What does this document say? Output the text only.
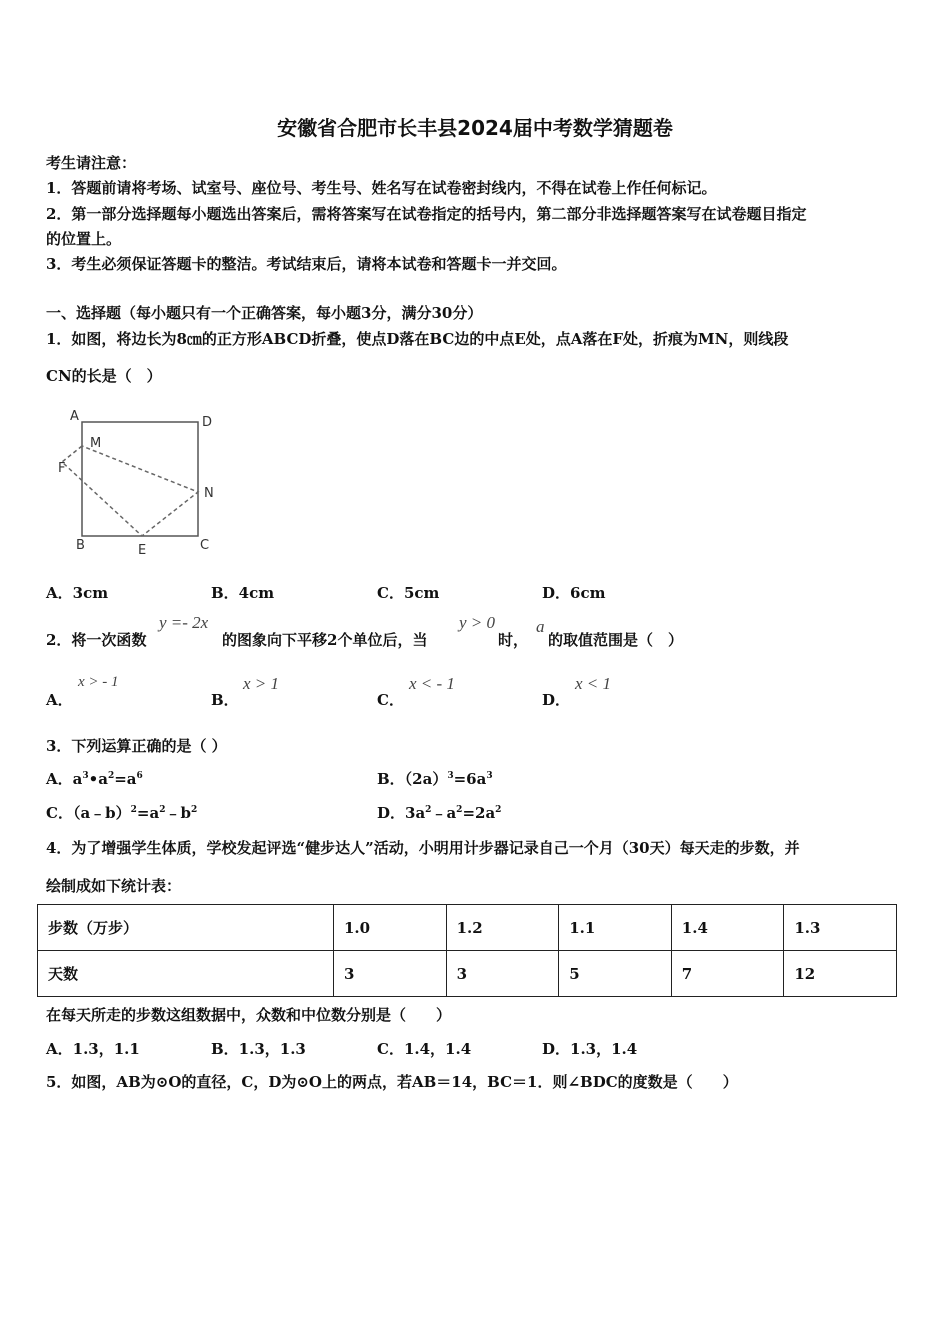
安徽省合肥市长丰县2024届中考数学猜题卷
考生请注意：
1．答题前请将考场、试室号、座位号、考生号、姓名写在试卷密封线内，不得在试卷上作任何标记。
2．第一部分选择题每小题选出答案后，需将答案写在试卷指定的括号内，第二部分非选择题答案写在试卷题目指定
的位置上。
3．考生必须保证答题卡的整洁。考试结束后，请将本试卷和答题卡一并交回。
一、选择题（每小题只有一个正确答案，每小题3分，满分30分）
1．如图，将边长为8㎝的正方形ABCD折叠，使点D落在BC边的中点E处，点A落在F处，折痕为MN，则线段
CN的长是（　）
A	D
M
F
N
B	E	C
A．3cm	B．4cm	C．5cm	D．6cm
2．将一次函数
y =- 2x
的图象向下平移2个单位后，当
y > 0
时，
a
的取值范围是（　）
A．
x > - 1
B．
x > 1
C．
x < - 1
D．
x < 1
3．下列运算正确的是（ ）
A．$a^3•a^2=a^6$	B．$(2a)^3=6a^3$
C．$(a﹣b)^2=a^2﹣b^2$	D．$3a^2﹣a^2=2a^2$
4．为了增强学生体质，学校发起评选“健步达人”活动，小明用计步器记录自己一个月（30天）每天走的步数，并
绘制成如下统计表：
步数（万步）	1.0	1.2	1.1	1.4	1.3
天数	3	3	5	7	12
在每天所走的步数这组数据中，众数和中位数分别是（　　）
A．1.3，1.1	B．1.3，1.3	C．1.4，1.4	D．1.3，1.4
5．如图，AB为⊙O的直径，C，D为⊙O上的两点，若AB＝14，BC＝1．则∠BDC的度数是（　　）
